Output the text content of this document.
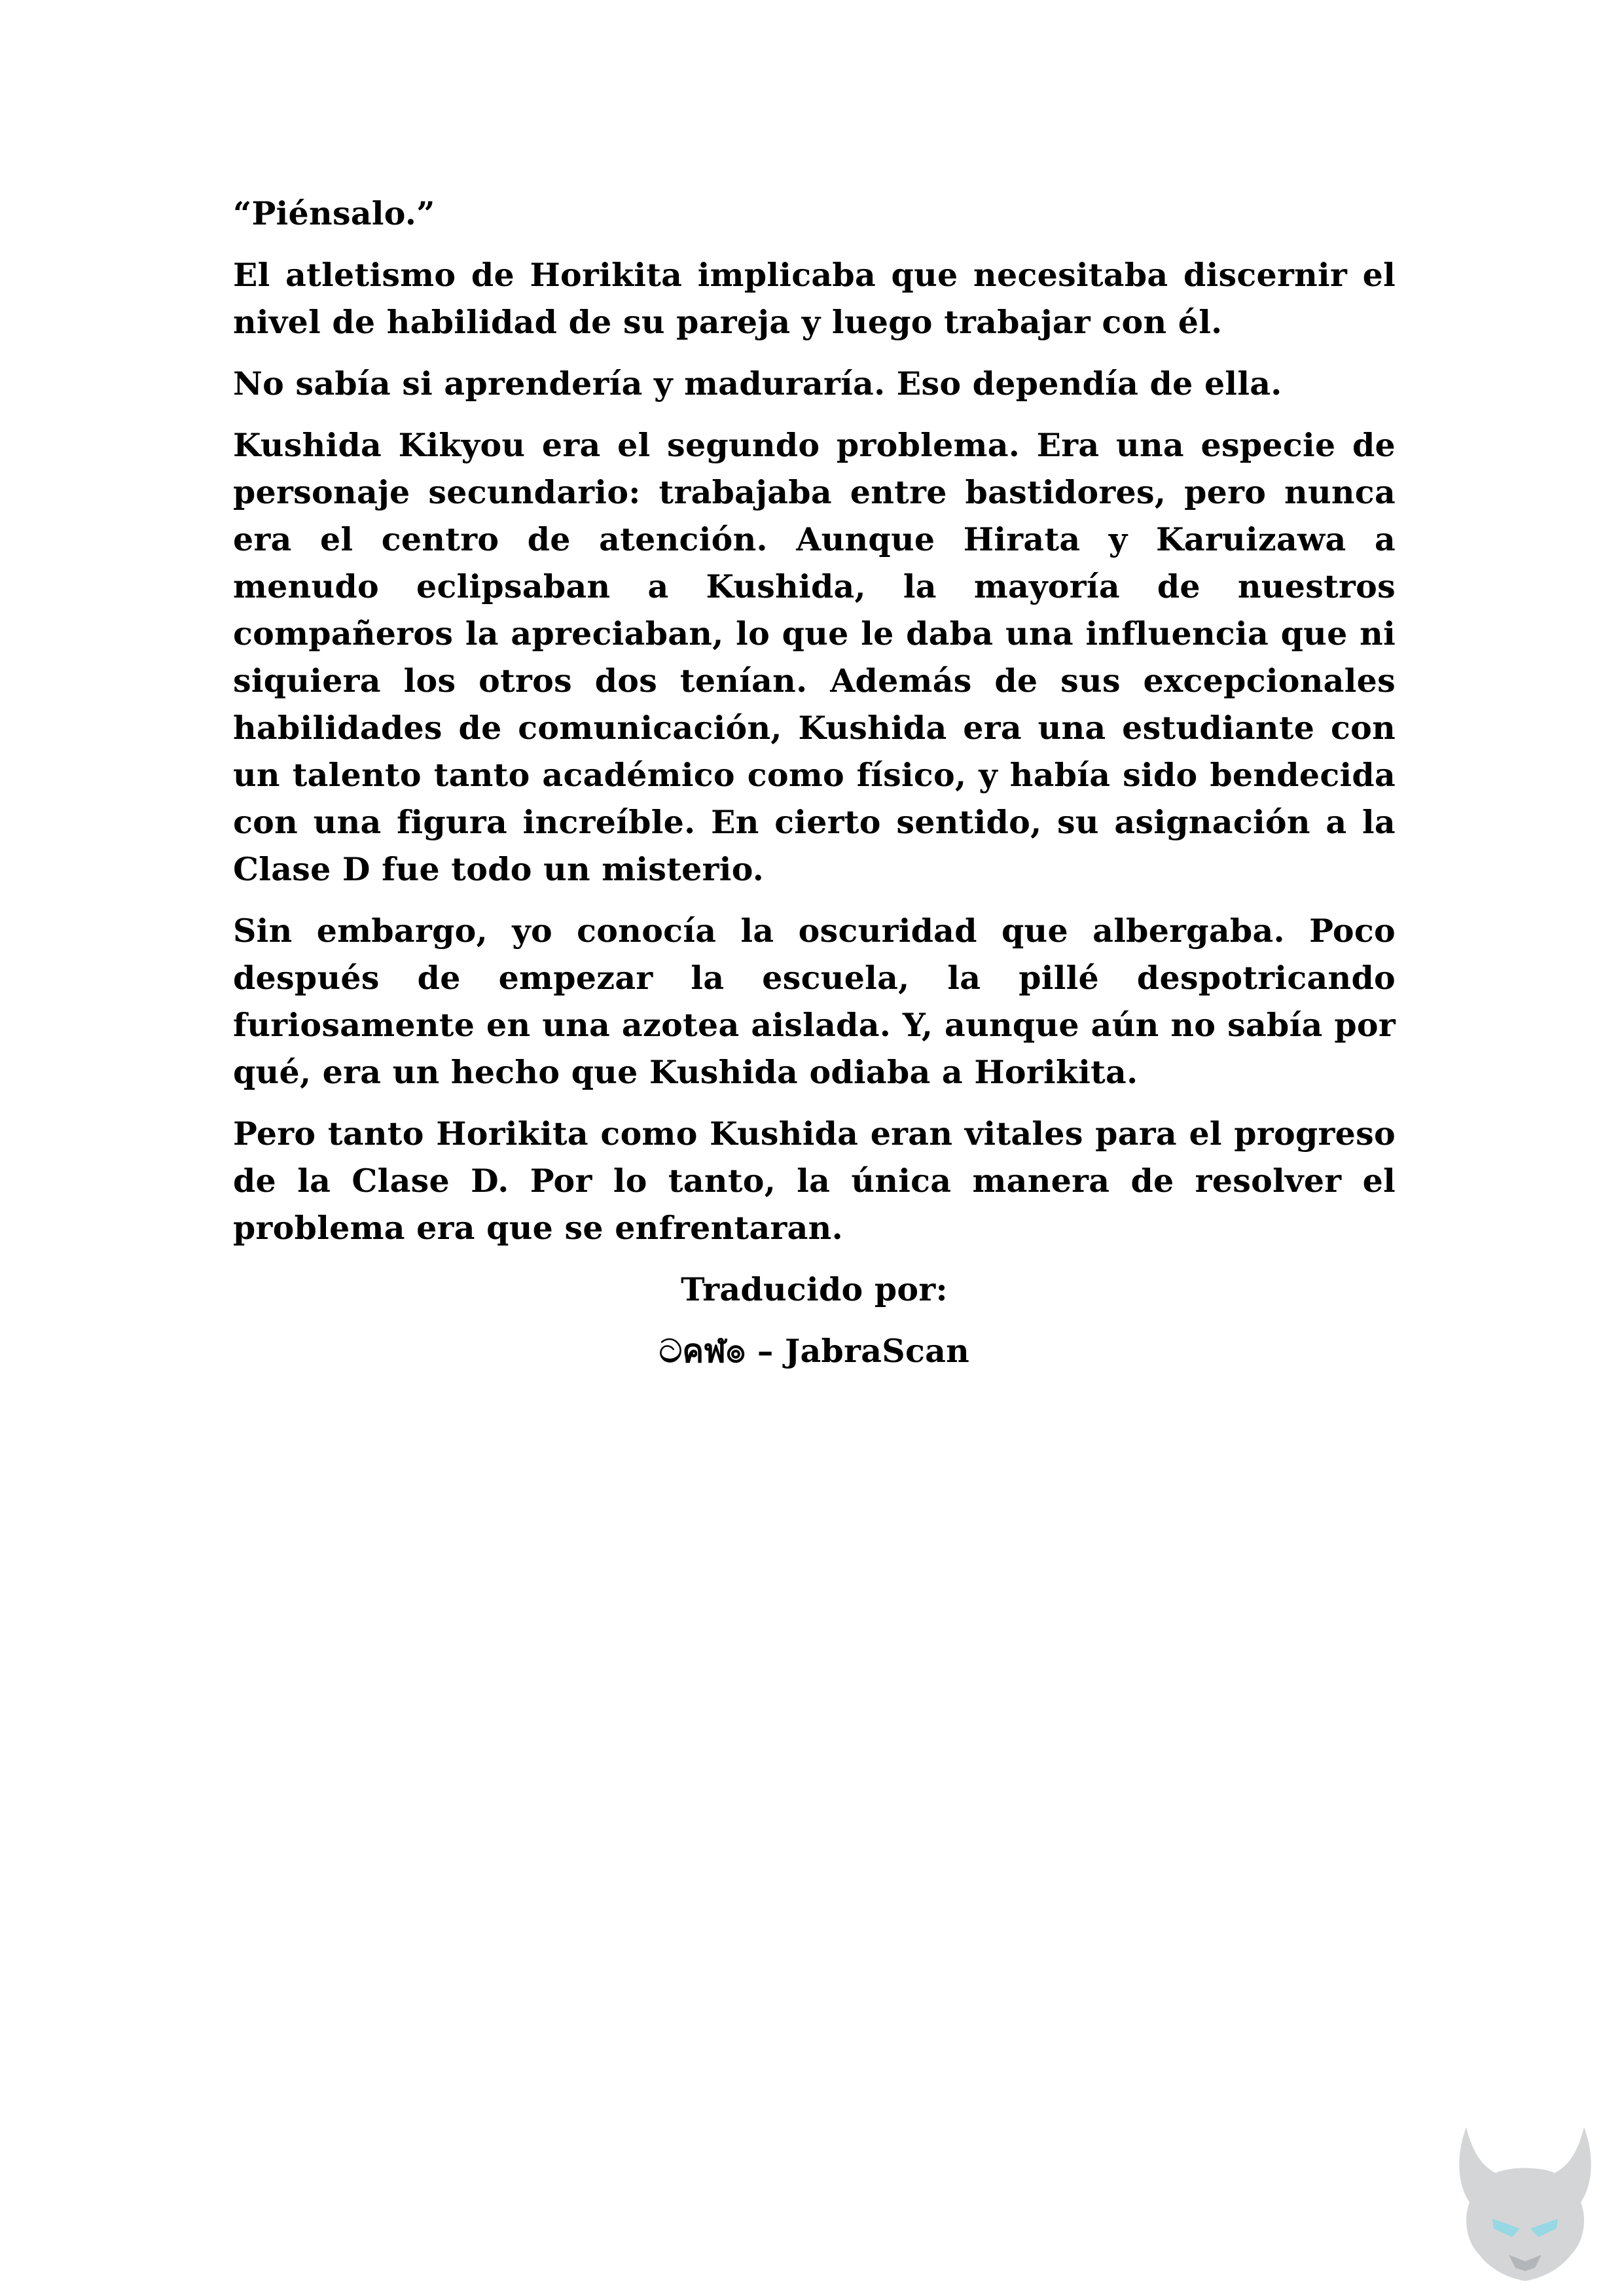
“Piénsalo.”

El atletismo de Horikita implicaba que necesitaba discernir el nivel de habilidad de su pareja y luego trabajar con él.

No sabía si aprendería y maduraría. Eso dependía de ella.

Kushida Kikyou era el segundo problema. Era una especie de personaje secundario: trabajaba entre bastidores, pero nunca era el centro de atención. Aunque Hirata y Karuizawa a menudo eclipsaban a Kushida, la mayoría de nuestros compañeros la apreciaban, lo que le daba una influencia que ni siquiera los otros dos tenían. Además de sus excepcionales habilidades de comunicación, Kushida era una estudiante con un talento tanto académico como físico, y había sido bendecida con una figura increíble. En cierto sentido, su asignación a la Clase D fue todo un misterio.

Sin embargo, yo conocía la oscuridad que albergaba. Poco después de empezar la escuela, la pillé despotricando furiosamente en una azotea aislada. Y, aunque aún no sabía por qué, era un hecho que Kushida odiaba a Horikita.

Pero tanto Horikita como Kushida eran vitales para el progreso de la Clase D. Por lo tanto, la única manera de resolver el problema era que se enfrentaran.

Traducido por:

ටคฬ๏ – JabraScan
